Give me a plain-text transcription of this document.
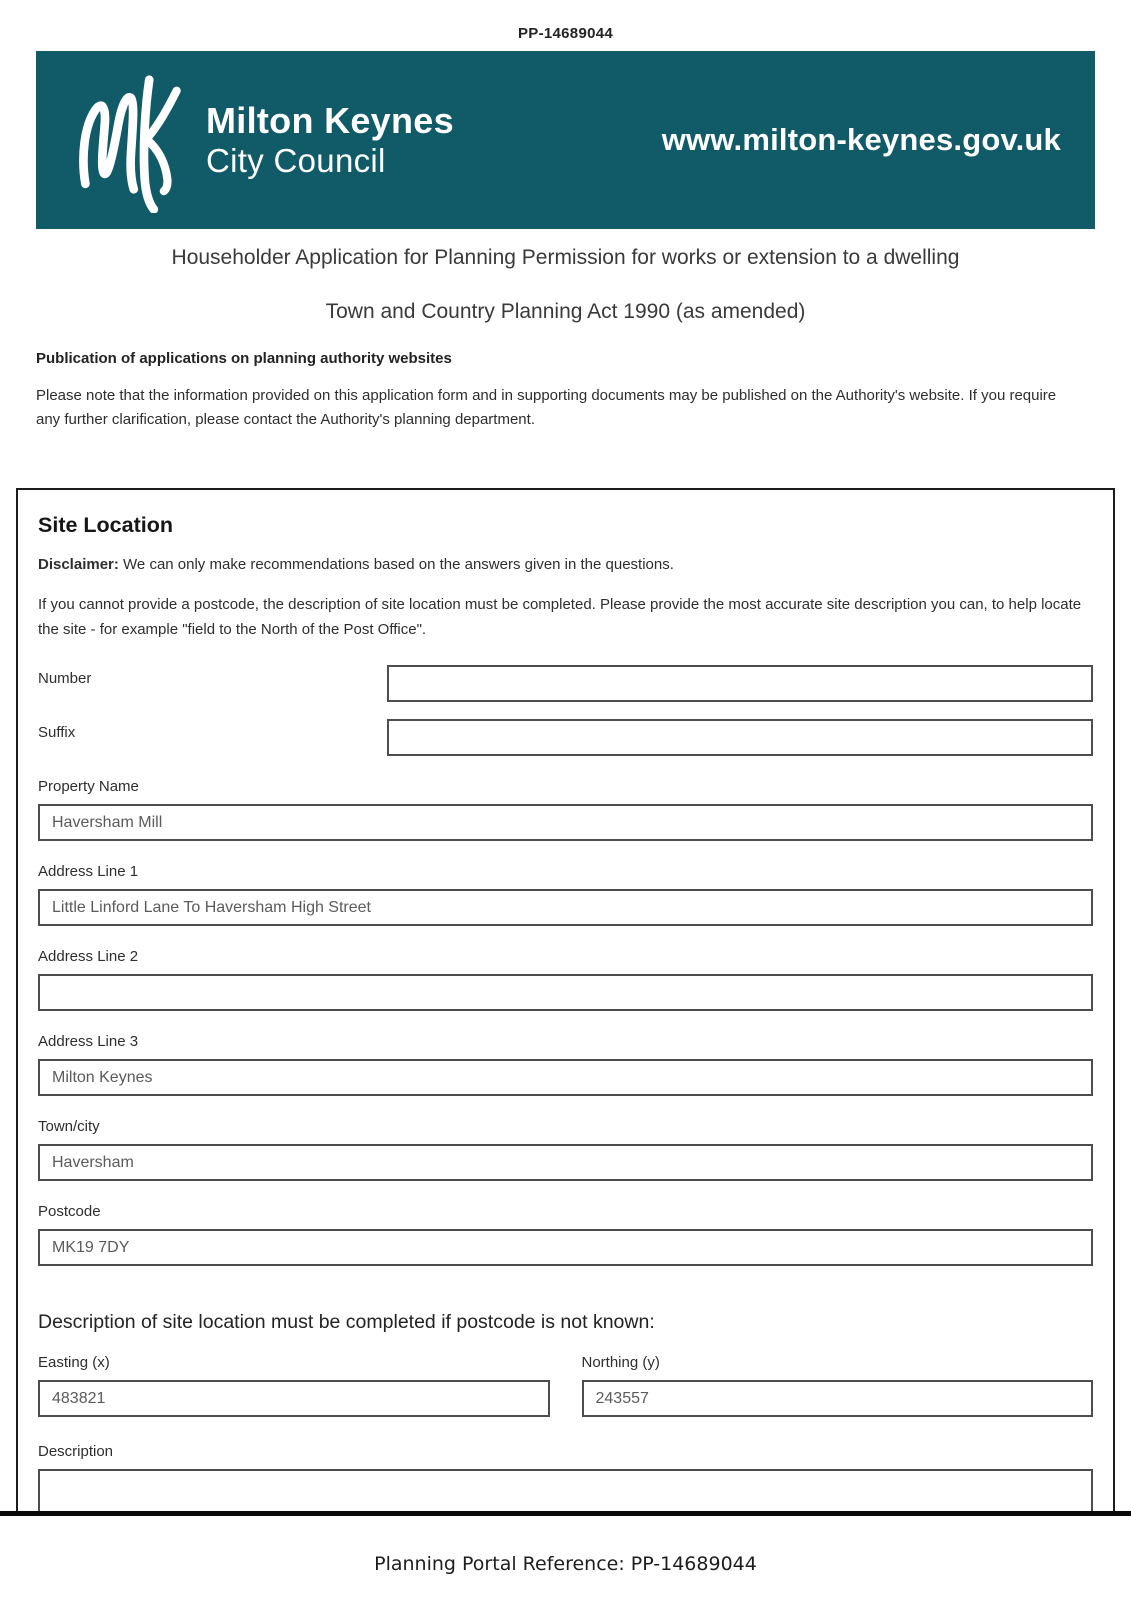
PP-14689044
Milton Keynes
City Council
www.milton-keynes.gov.uk
Householder Application for Planning Permission for works or extension to a dwelling
Town and Country Planning Act 1990 (as amended)
Publication of applications on planning authority websites
Please note that the information provided on this application form and in supporting documents may be published on the Authority's website. If you require any further clarification, please contact the Authority's planning department.
Site Location
Disclaimer: We can only make recommendations based on the answers given in the questions.
If you cannot provide a postcode, the description of site location must be completed. Please provide the most accurate site description you can, to help locate the site - for example "field to the North of the Post Office".
Number
Suffix
Property Name
Haversham Mill
Address Line 1
Little Linford Lane To Haversham High Street
Address Line 2
Address Line 3
Milton Keynes
Town/city
Haversham
Postcode
MK19 7DY
Description of site location must be completed if postcode is not known:
Easting (x)
483821	Northing (y)
243557
Description
Planning Portal Reference: PP-14689044
